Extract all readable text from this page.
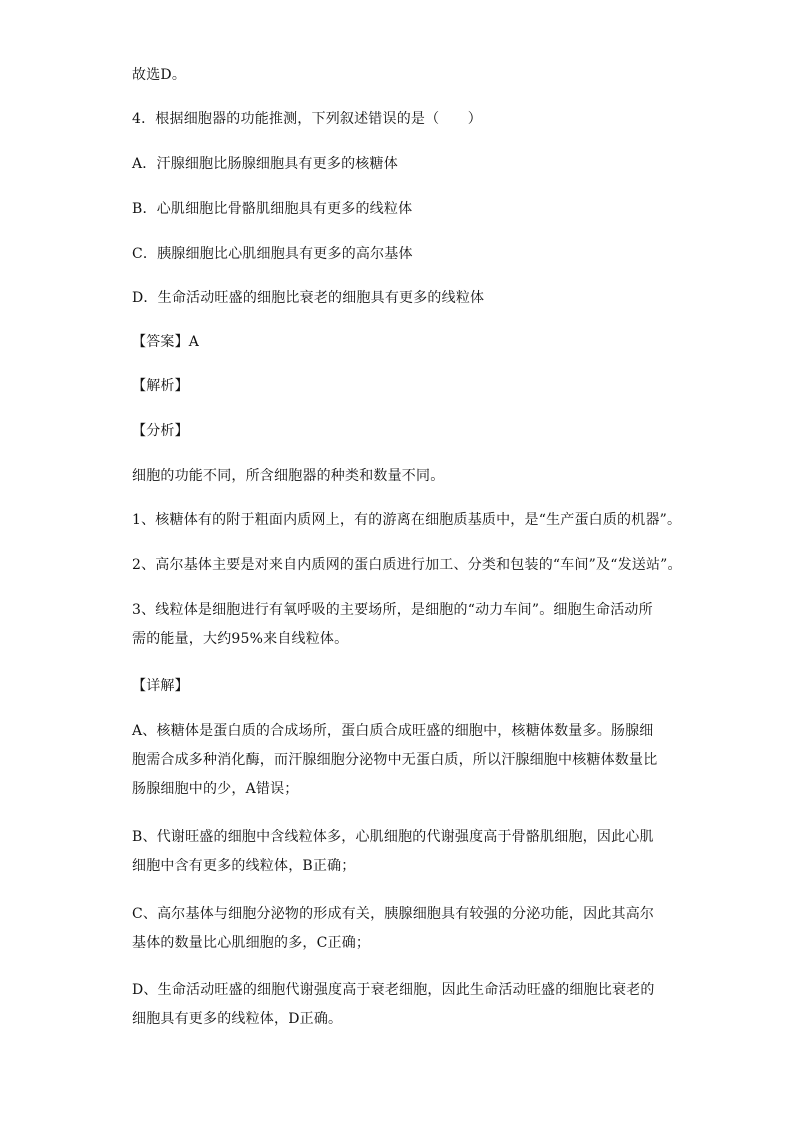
故选D。
4．根据细胞器的功能推测，下列叙述错误的是（　　）
A．汗腺细胞比肠腺细胞具有更多的核糖体
B．心肌细胞比骨骼肌细胞具有更多的线粒体
C．胰腺细胞比心肌细胞具有更多的高尔基体
D．生命活动旺盛的细胞比衰老的细胞具有更多的线粒体
【答案】A
【解析】
【分析】
细胞的功能不同，所含细胞器的种类和数量不同。
1、核糖体有的附于粗面内质网上，有的游离在细胞质基质中，是“生产蛋白质的机器”。
2、高尔基体主要是对来自内质网的蛋白质进行加工、分类和包装的“车间”及“发送站”。
3、线粒体是细胞进行有氧呼吸的主要场所，是细胞的“动力车间”。细胞生命活动所需的能量，大约95%来自线粒体。
【详解】
A、核糖体是蛋白质的合成场所，蛋白质合成旺盛的细胞中，核糖体数量多。肠腺细胞需合成多种消化酶，而汗腺细胞分泌物中无蛋白质，所以汗腺细胞中核糖体数量比肠腺细胞中的少，A错误；
B、代谢旺盛的细胞中含线粒体多，心肌细胞的代谢强度高于骨骼肌细胞，因此心肌细胞中含有更多的线粒体，B正确；
C、高尔基体与细胞分泌物的形成有关，胰腺细胞具有较强的分泌功能，因此其高尔基体的数量比心肌细胞的多，C正确；
D、生命活动旺盛的细胞代谢强度高于衰老细胞，因此生命活动旺盛的细胞比衰老的细胞具有更多的线粒体，D正确。
